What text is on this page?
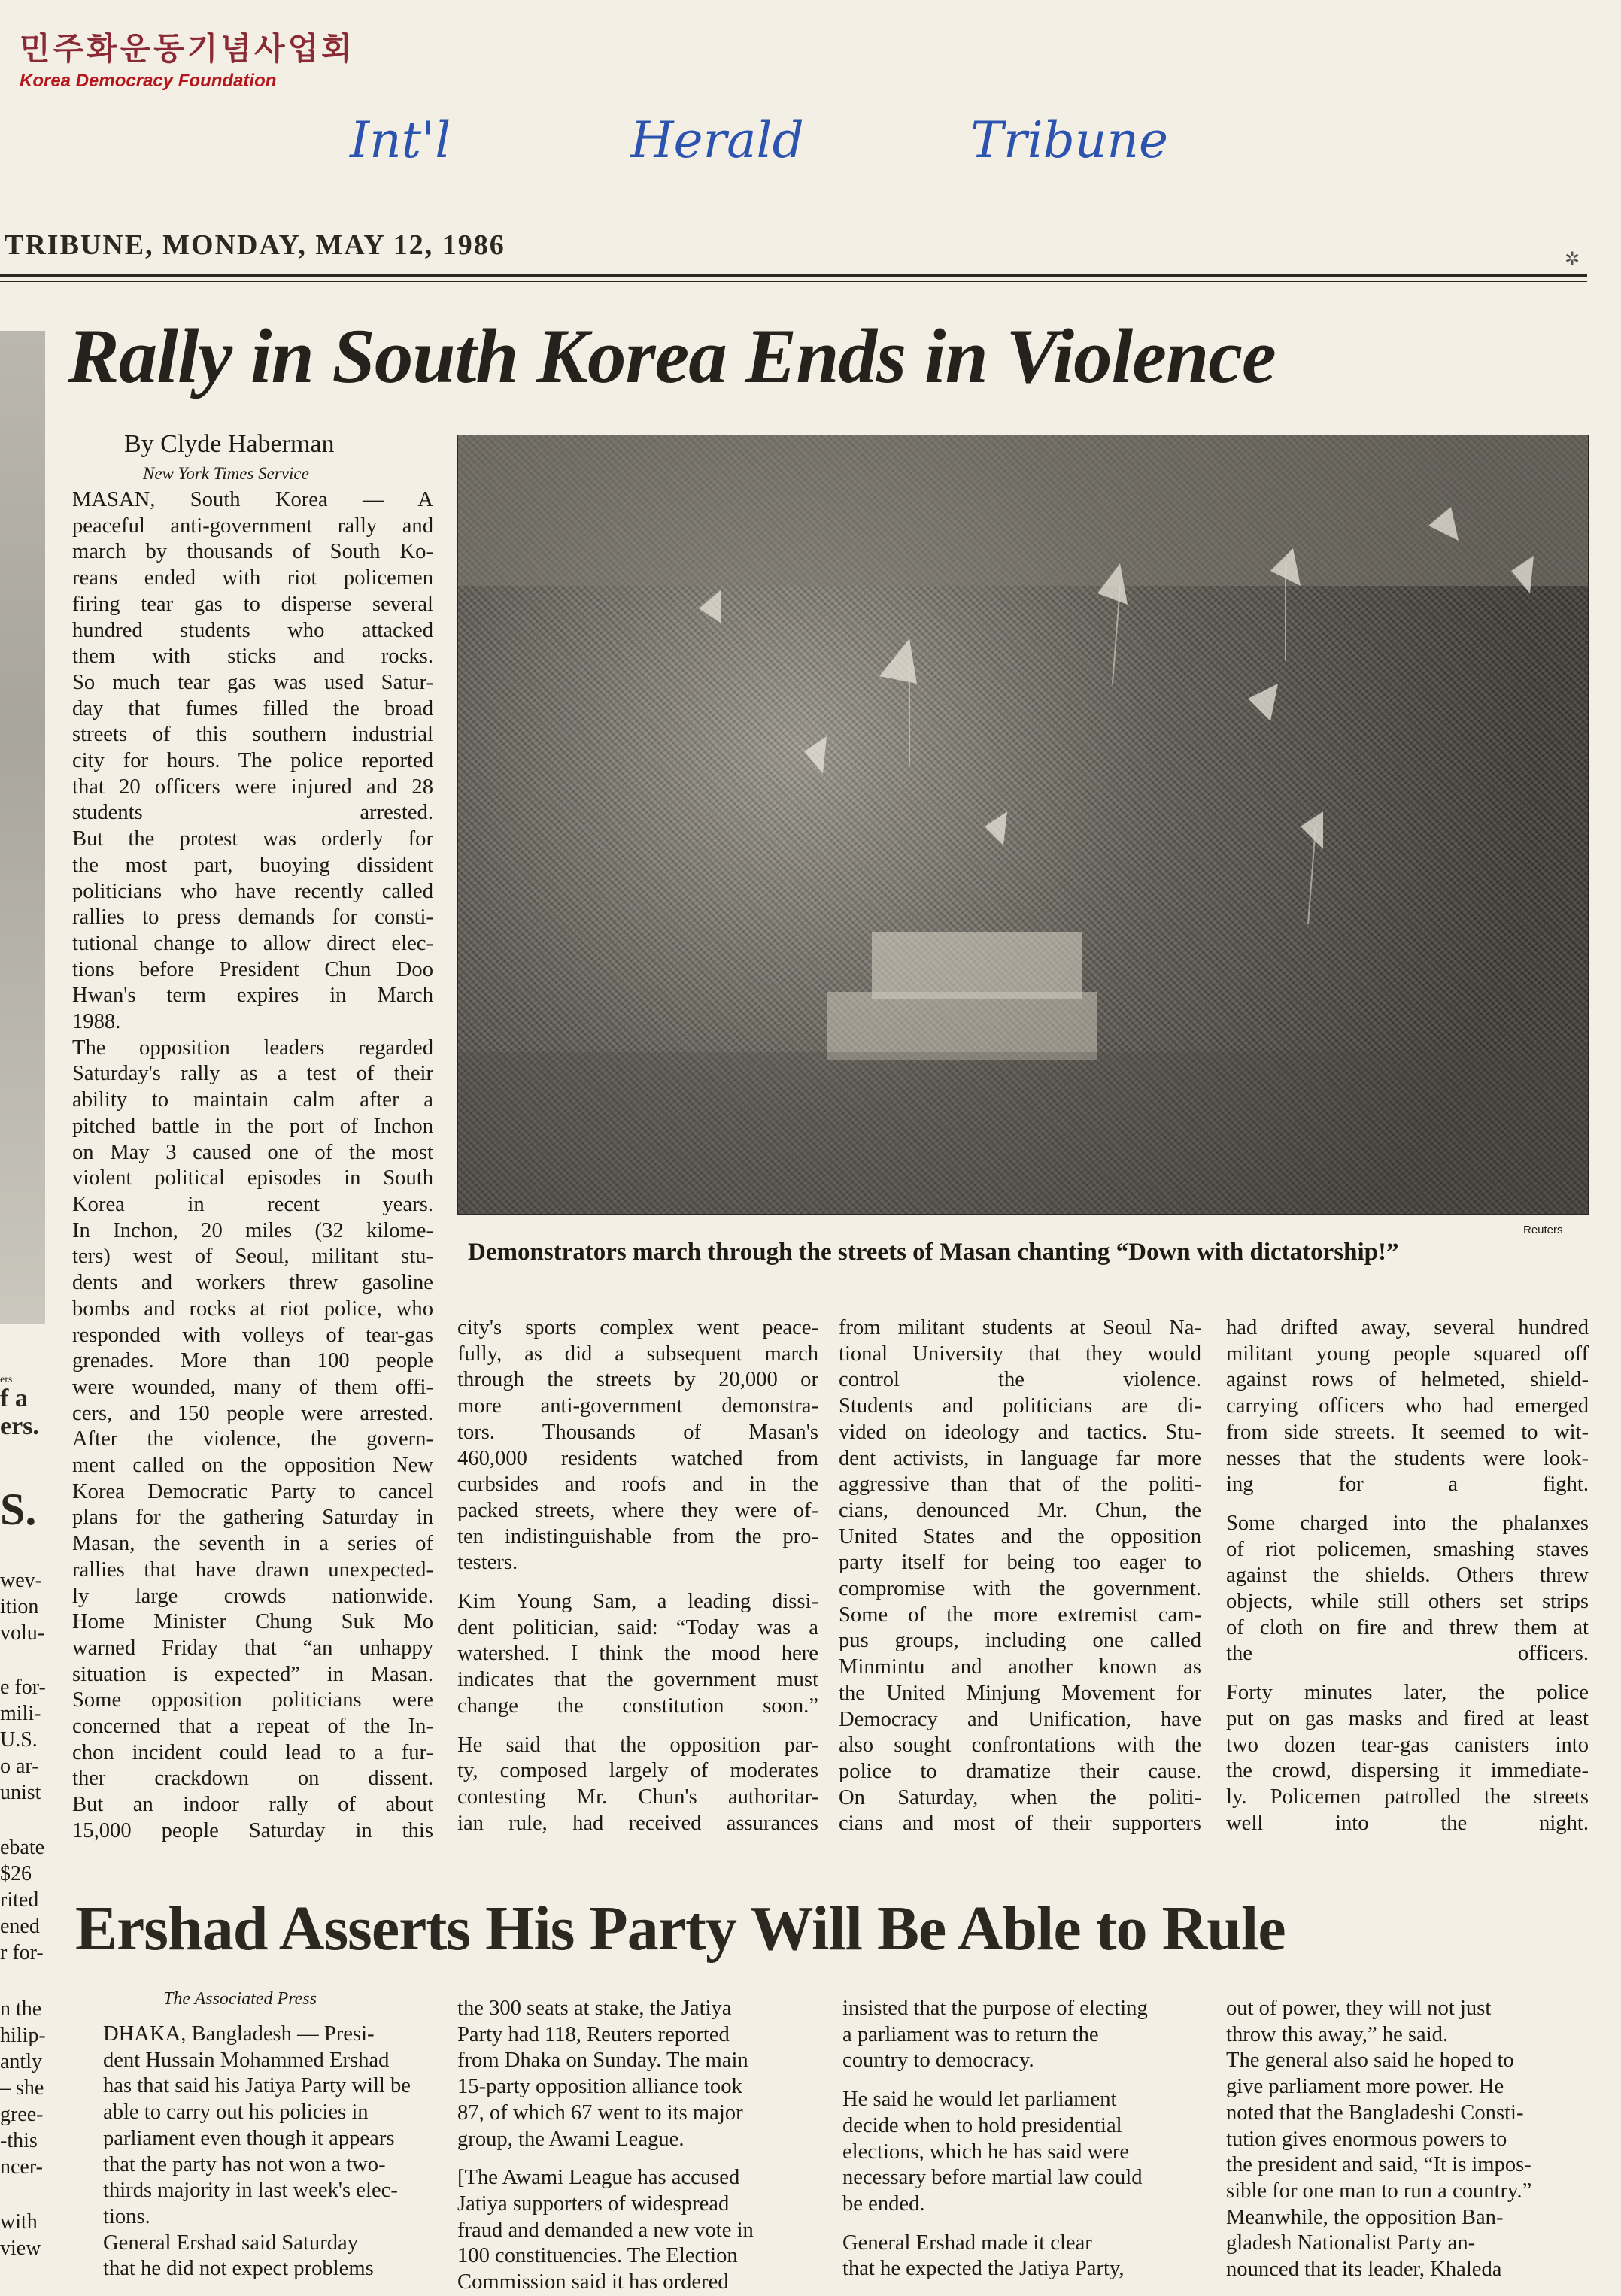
민주화운동기념사업회
Korea Democracy Foundation
Int'l	Herald	Tribune
TRIBUNE, MONDAY, MAY 12, 1986	✲
Rally in South Korea Ends in Violence
By Clyde Haberman
New York Times Service
Reuters
Demonstrators march through the streets of Masan chanting “Down with dictatorship!”

MASAN, South Korea — A

peaceful anti-government rally and

march by thousands of South Ko-

reans ended with riot policemen

firing tear gas to disperse several

hundred students who attacked

them with sticks and rocks.

So much tear gas was used Satur-

day that fumes filled the broad

streets of this southern industrial

city for hours. The police reported

that 20 officers were injured and 28

students arrested.

But the protest was orderly for

the most part, buoying dissident

politicians who have recently called

rallies to press demands for consti-

tutional change to allow direct elec-

tions before President Chun Doo

Hwan's term expires in March

1988.

The opposition leaders regarded

Saturday's rally as a test of their

ability to maintain calm after a

pitched battle in the port of Inchon

on May 3 caused one of the most

violent political episodes in South

Korea in recent years.

In Inchon, 20 miles (32 kilome-

ters) west of Seoul, militant stu-

dents and workers threw gasoline

bombs and rocks at riot police, who

responded with volleys of tear-gas

grenades. More than 100 people

were wounded, many of them offi-

cers, and 150 people were arrested.

After the violence, the govern-

ment called on the opposition New

Korea Democratic Party to cancel

plans for the gathering Saturday in

Masan, the seventh in a series of

rallies that have drawn unexpected-

ly large crowds nationwide.

Home Minister Chung Suk Mo

warned Friday that “an unhappy

situation is expected” in Masan.

Some opposition politicians were

concerned that a repeat of the In-

chon incident could lead to a fur-

ther crackdown on dissent.

But an indoor rally of about

15,000 people Saturday in this

city's sports complex went peace-

fully, as did a subsequent march

through the streets by 20,000 or

more anti-government demonstra-

tors. Thousands of Masan's

460,000 residents watched from

curbsides and roofs and in the

packed streets, where they were of-

ten indistinguishable from the pro-

testers.

Kim Young Sam, a leading dissi-

dent politician, said: “Today was a

watershed. I think the mood here

indicates that the government must

change the constitution soon.”

He said that the opposition par-

ty, composed largely of moderates

contesting Mr. Chun's authoritar-

ian rule, had received assurances

from militant students at Seoul Na-

tional University that they would

control the violence.

Students and politicians are di-

vided on ideology and tactics. Stu-

dent activists, in language far more

aggressive than that of the politi-

cians, denounced Mr. Chun, the

United States and the opposition

party itself for being too eager to

compromise with the government.

Some of the more extremist cam-

pus groups, including one called

Minmintu and another known as

the United Minjung Movement for

Democracy and Unification, have

also sought confrontations with the

police to dramatize their cause.

On Saturday, when the politi-

cians and most of their supporters

had drifted away, several hundred

militant young people squared off

against rows of helmeted, shield-

carrying officers who had emerged

from side streets. It seemed to wit-

nesses that the students were look-

ing for a fight.

Some charged into the phalanxes

of riot policemen, smashing staves

against the shields. Others threw

objects, while still others set strips

of cloth on fire and threw them at

the officers.

Forty minutes later, the police

put on gas masks and fired at least

two dozen tear-gas canisters into

the crowd, dispersing it immediate-

ly. Policemen patrolled the streets

well into the night.

ers
f a
ers.
S.
wev-
ition
volu-
e for-
mili-
U.S.
o ar-
unist
ebate
$26
rited
ened
r for-
n the
hilip-
antly
– she
gree-
-this
ncer-
with
view
Ershad Asserts His Party Will Be Able to Rule
The Associated Press

DHAKA, Bangladesh — Presi-

dent Hussain Mohammed Ershad

has that said his Jatiya Party will be

able to carry out his policies in

parliament even though it appears

that the party has not won a two-

thirds majority in last week's elec-

tions.

General Ershad said Saturday

that he did not expect problems

the 300 seats at stake, the Jatiya

Party had 118, Reuters reported

from Dhaka on Sunday. The main

15-party opposition alliance took

87, of which 67 went to its major

group, the Awami League.

[The Awami League has accused

Jatiya supporters of widespread

fraud and demanded a new vote in

100 constituencies. The Election

Commission said it has ordered

insisted that the purpose of electing

a parliament was to return the

country to democracy.

He said he would let parliament

decide when to hold presidential

elections, which he has said were

necessary before martial law could

be ended.

General Ershad made it clear

that he expected the Jatiya Party,

out of power, they will not just

throw this away,” he said.

The general also said he hoped to

give parliament more power. He

noted that the Bangladeshi Consti-

tution gives enormous powers to

the president and said, “It is impos-

sible for one man to run a country.”

Meanwhile, the opposition Ban-

gladesh Nationalist Party an-

nounced that its leader, Khaleda
